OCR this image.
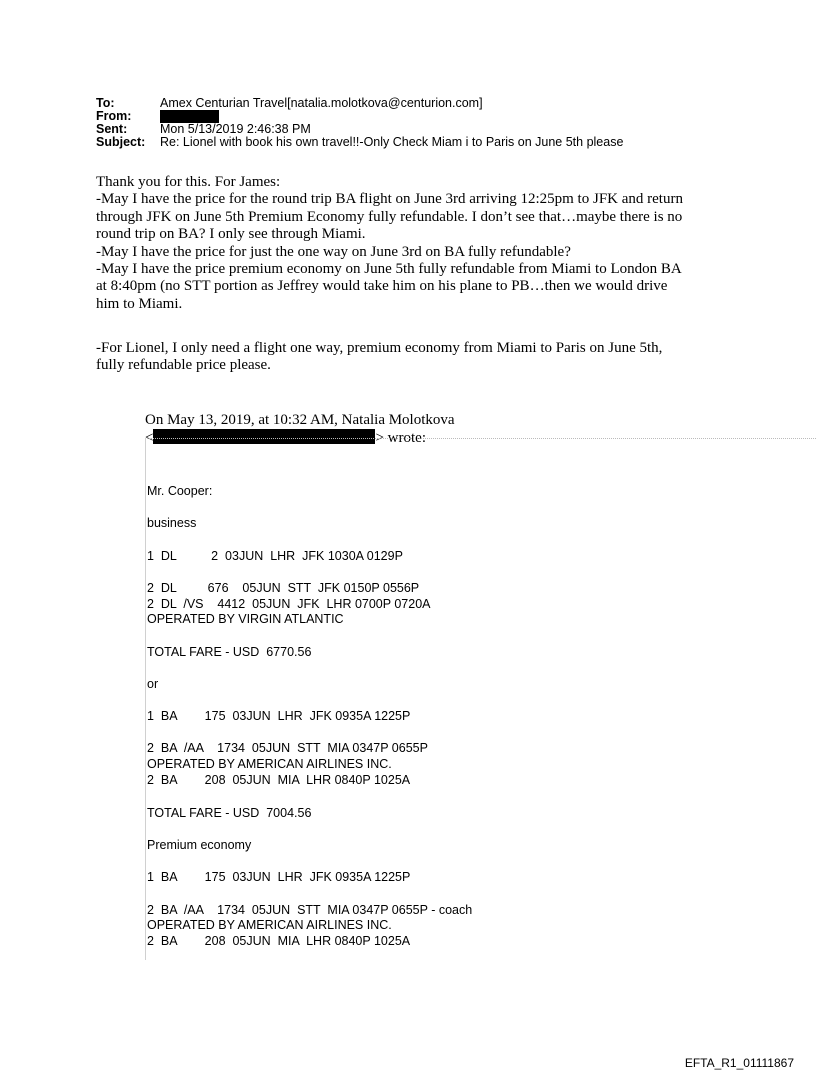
To:	Amex Centurian Travel[natalia.molotkova@centurion.com]
From:
Sent:	Mon 5/13/2019 2:46:38 PM
Subject: Re: Lionel with book his own travel!!-Only Check Miam i to Paris on June 5th please
Thank you for this. For James:
-May I have the price for the round trip BA flight on June 3rd arriving 12:25pm to JFK and return
through JFK on June 5th Premium Economy fully refundable. I don’t see that…maybe there is no
round trip on BA? I only see through Miami.
-May I have the price for just the one way on June 3rd on BA fully refundable?
-May I have the price premium economy on June 5th fully refundable from Miami to London BA
at 8:40pm (no STT portion as Jeffrey would take him on his plane to PB…then we would drive
him to Miami.
-For Lionel, I only need a flight one way, premium economy from Miami to Paris on June 5th,
fully refundable price please.
On May 13, 2019, at 10:32 AM, Natalia Molotkova
<	> wrote:
Mr. Cooper:
business
1  DL          2  03JUN  LHR  JFK 1030A 0129P
2  DL         676    05JUN  STT  JFK 0150P 0556P
2  DL  /VS    4412  05JUN  JFK  LHR 0700P 0720A
OPERATED BY VIRGIN ATLANTIC
TOTAL FARE - USD  6770.56
or
1  BA        175  03JUN  LHR  JFK 0935A 1225P
2  BA  /AA    1734  05JUN  STT  MIA 0347P 0655P
OPERATED BY AMERICAN AIRLINES INC.
2  BA        208  05JUN  MIA  LHR 0840P 1025A
TOTAL FARE - USD  7004.56
Premium economy
1  BA        175  03JUN  LHR  JFK 0935A 1225P
2  BA  /AA    1734  05JUN  STT  MIA 0347P 0655P - coach
OPERATED BY AMERICAN AIRLINES INC.
2  BA        208  05JUN  MIA  LHR 0840P 1025A
EFTA_R1_01111867
